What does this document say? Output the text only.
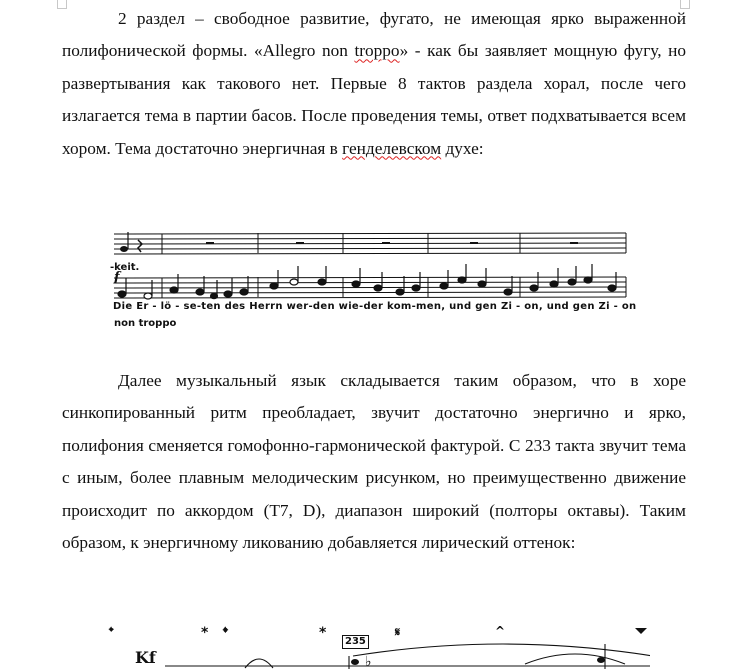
2 раздел – свободное развитие, фугато, не имеющая ярко выраженной полифонической формы. «Allegro non troppo» - как бы заявляет мощную фугу, но развертывания как такового нет. Первые 8 тактов раздела хорал, после чего излагается тема в партии басов. После проведения темы, ответ подхватывается всем хором. Тема достаточно энергичная в генделевском духе:

f
-keit.
Die Er - lö - se-ten des Herrn wer-den wie-der kom-men, und gen Zi - on, und gen Zi - on
non troppo

Далее музыкальный язык складывается таким образом, что в хоре синкопированный ритм преобладает, звучит достаточно энергично и ярко, полифония сменяется гомофонно-гармонической фактурой. С 233 такта звучит тема с иным, более плавным мелодическим рисунком, но преимущественно движение происходит по аккордом (Т7, D), диапазон широкий (полторы октавы). Таким образом, к энергичному ликованию добавляется лирический оттенок:

𝄌	* 𝄌	*	𝄋	^
♭
235
Kf
